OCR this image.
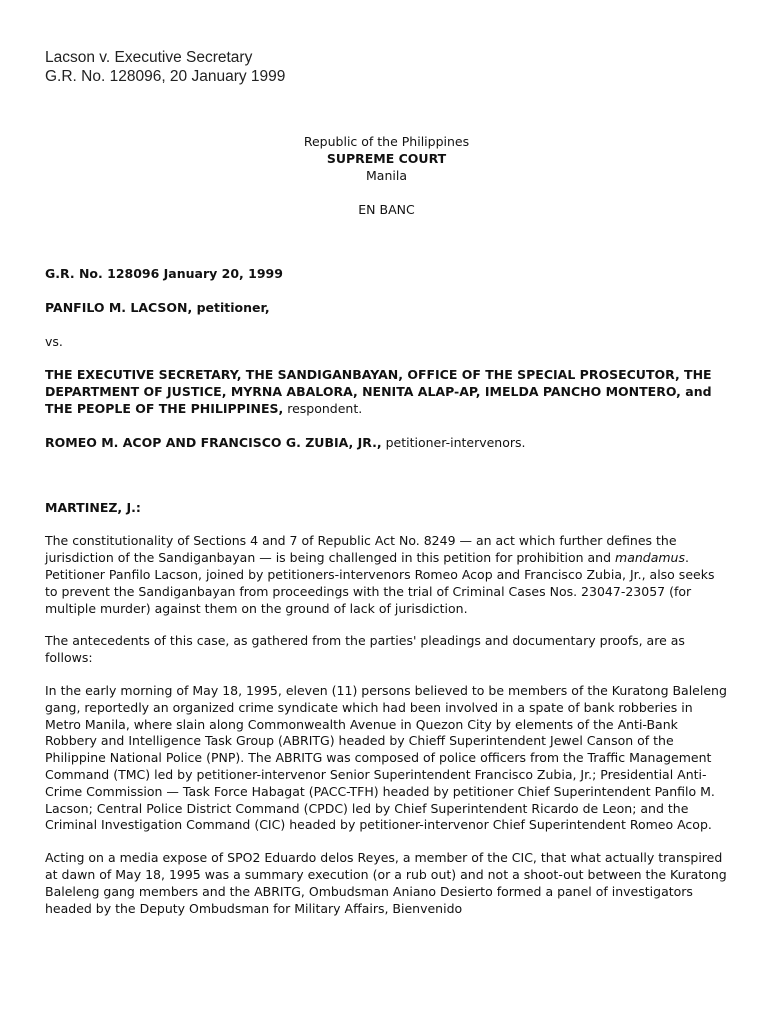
Lacson v. Executive Secretary
G.R. No. 128096, 20 January 1999
Republic of the Philippines
SUPREME COURT
Manila
EN BANC

G.R. No. 128096 January 20, 1999

PANFILO M. LACSON, petitioner,

vs.

THE EXECUTIVE SECRETARY, THE SANDIGANBAYAN, OFFICE OF THE SPECIAL PROSECUTOR, THE DEPARTMENT OF JUSTICE, MYRNA ABALORA, NENITA ALAP-AP, IMELDA PANCHO MONTERO, and THE PEOPLE OF THE PHILIPPINES, respondent.

ROMEO M. ACOP AND FRANCISCO G. ZUBIA, JR., petitioner-intervenors.

MARTINEZ, J.:

The constitutionality of Sections 4 and 7 of Republic Act No. 8249 — an act which further defines the jurisdiction of the Sandiganbayan — is being challenged in this petition for prohibition and mandamus. Petitioner Panfilo Lacson, joined by petitioners-intervenors Romeo Acop and Francisco Zubia, Jr., also seeks to prevent the Sandiganbayan from proceedings with the trial of Criminal Cases Nos. 23047-23057 (for multiple murder) against them on the ground of lack of jurisdiction.

The antecedents of this case, as gathered from the parties' pleadings and documentary proofs, are as follows:

In the early morning of May 18, 1995, eleven (11) persons believed to be members of the Kuratong Baleleng gang, reportedly an organized crime syndicate which had been involved in a spate of bank robberies in Metro Manila, where slain along Commonwealth Avenue in Quezon City by elements of the Anti-Bank Robbery and Intelligence Task Group (ABRITG) headed by Chieff Superintendent Jewel Canson of the Philippine National Police (PNP). The ABRITG was composed of police officers from the Traffic Management Command (TMC) led by petitioner-intervenor Senior Superintendent Francisco Zubia, Jr.; Presidential Anti-Crime Commission — Task Force Habagat (PACC-TFH) headed by petitioner Chief Superintendent Panfilo M. Lacson; Central Police District Command (CPDC) led by Chief Superintendent Ricardo de Leon; and the Criminal Investigation Command (CIC) headed by petitioner-intervenor Chief Superintendent Romeo Acop.

Acting on a media expose of SPO2 Eduardo delos Reyes, a member of the CIC, that what actually transpired at dawn of May 18, 1995 was a summary execution (or a rub out) and not a shoot-out between the Kuratong Baleleng gang members and the ABRITG, Ombudsman Aniano Desierto formed a panel of investigators headed by the Deputy Ombudsman for Military Affairs, Bienvenido
